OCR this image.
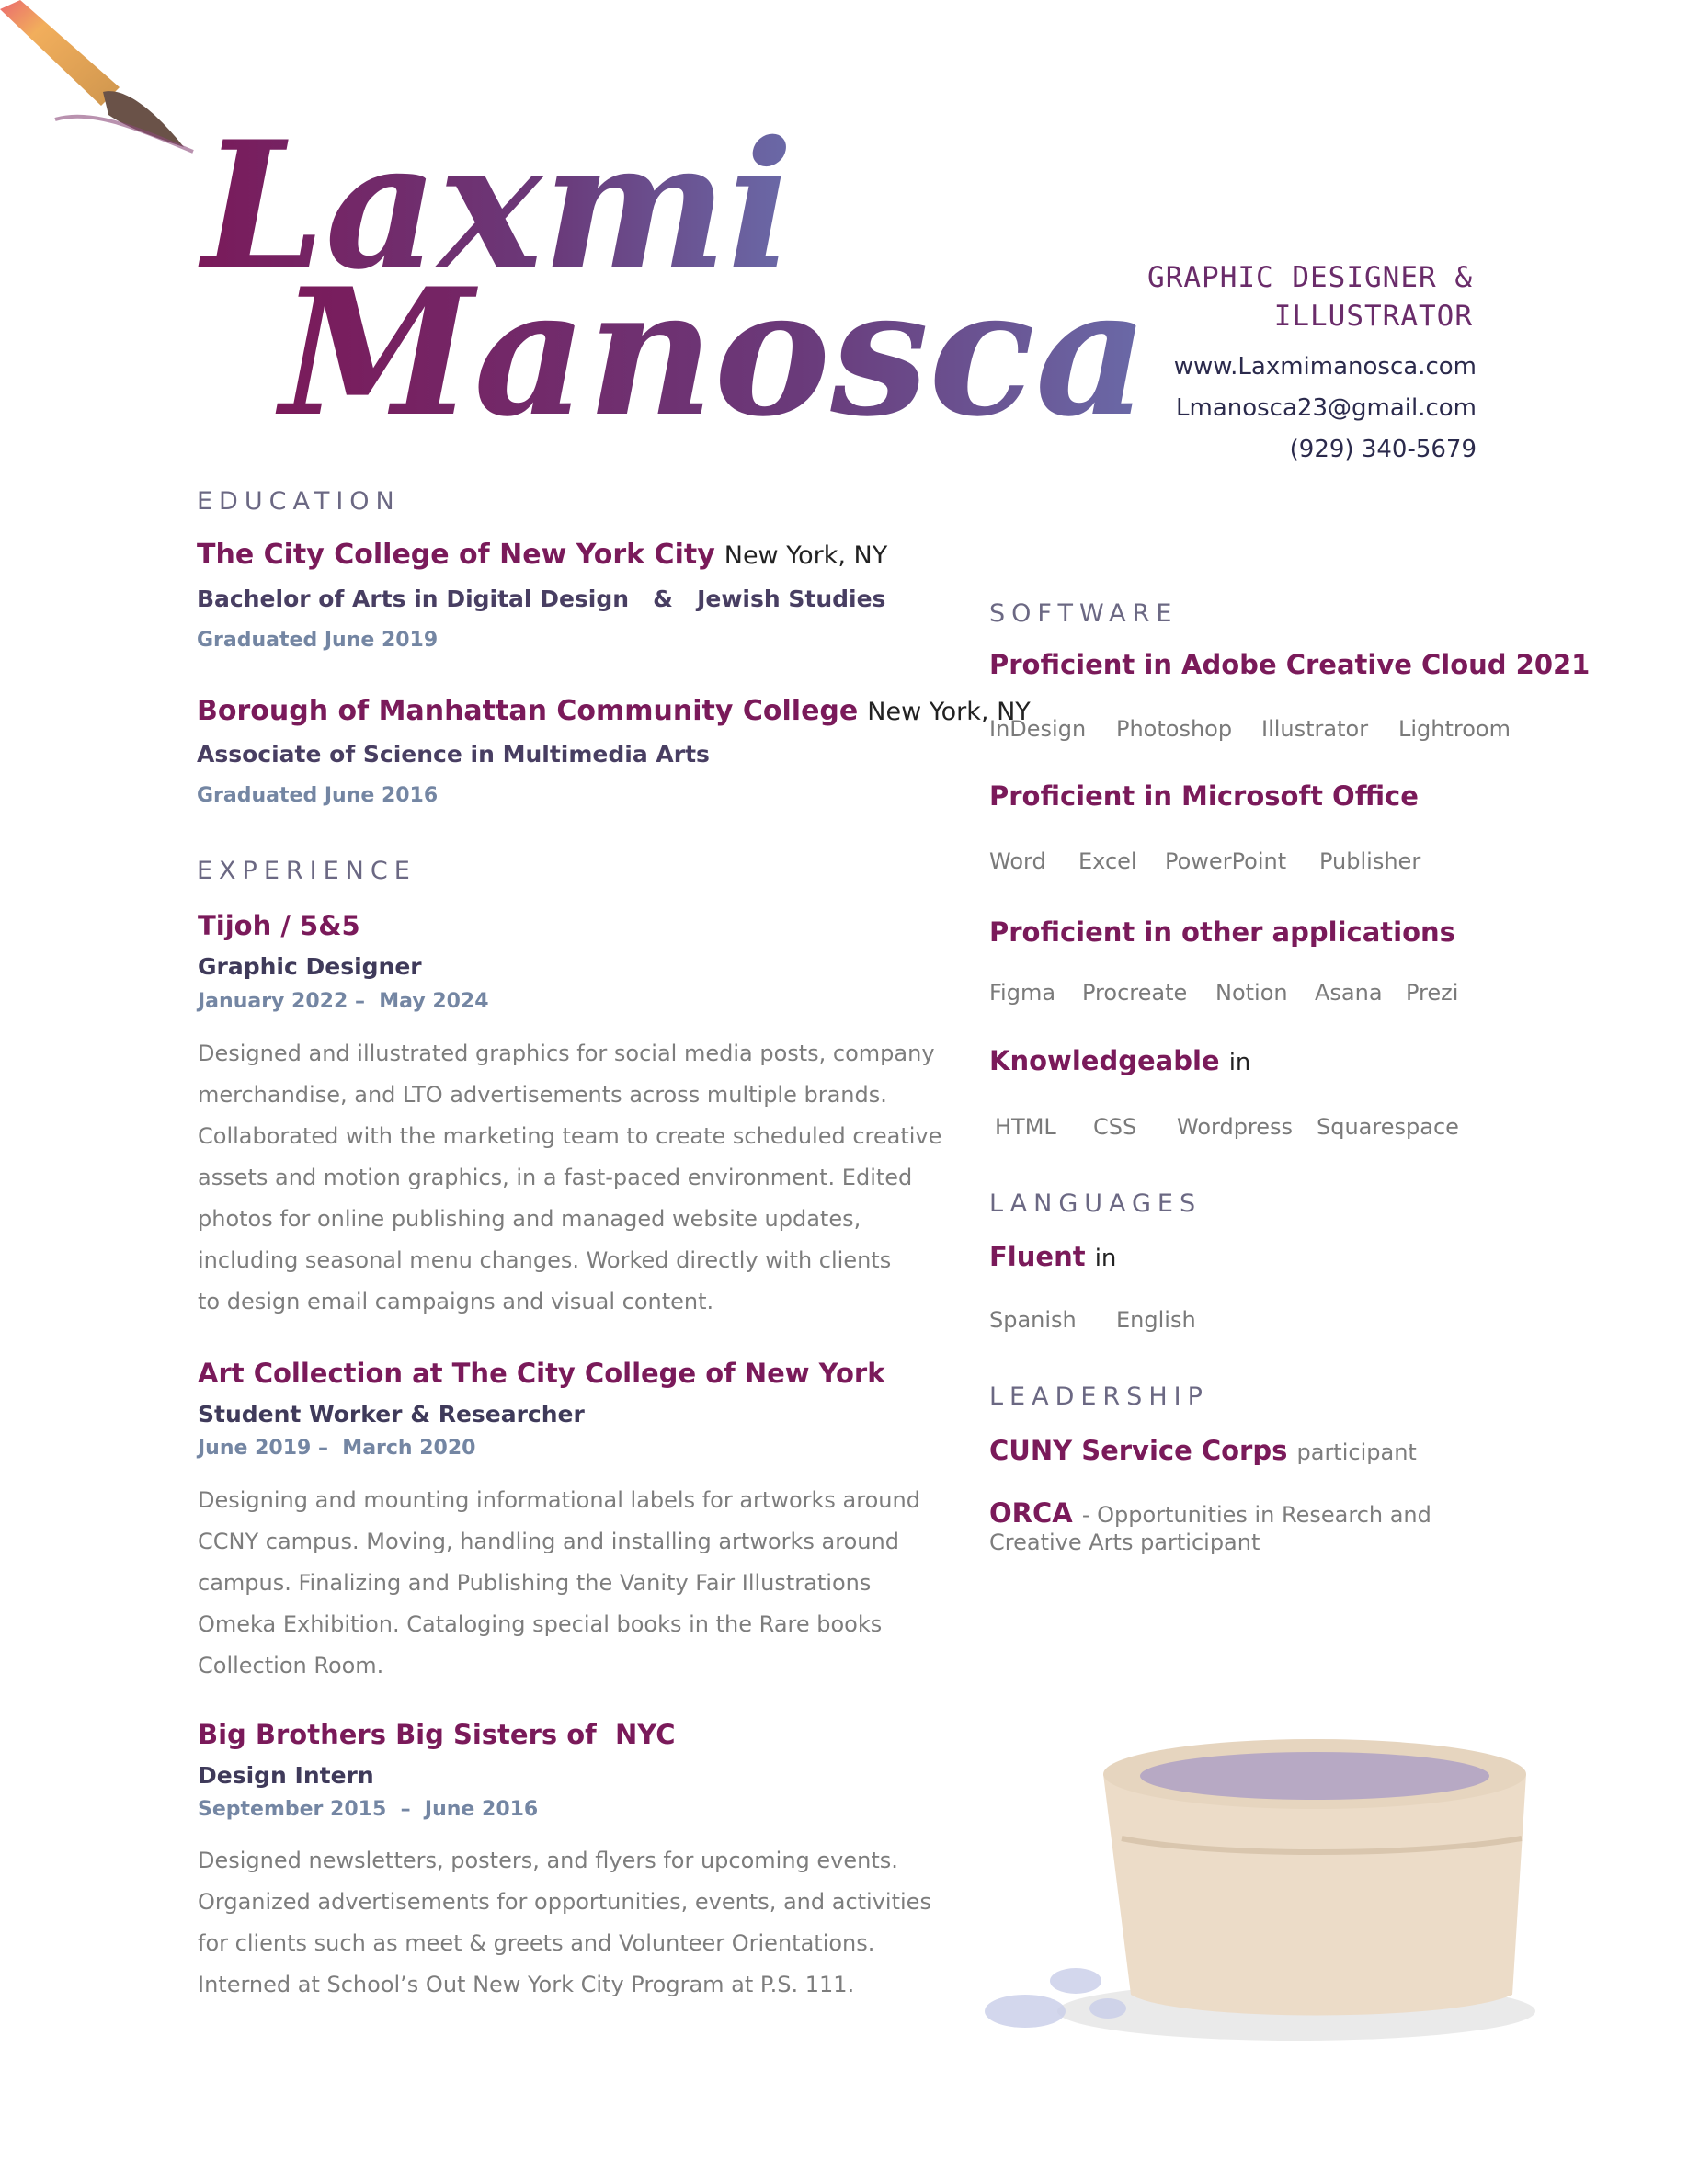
Laxmi
Manosca
GRAPHIC DESIGNER &
ILLUSTRATOR
www.Laxmimanosca.com
Lmanosca23@gmail.com
(929) 340-5679
EDUCATION
The City College of New York City New York, NY
Bachelor of Arts in Digital Design   &   Jewish Studies
Graduated June 2019
Borough of Manhattan Community College New York, NY
Associate of Science in Multimedia Arts
Graduated June 2016
EXPERIENCE
Tijoh / 5&5
Graphic Designer
January 2022 –  May 2024
Designed and illustrated graphics for social media posts, company
merchandise, and LTO advertisements across multiple brands.
Collaborated with the marketing team to create scheduled creative
assets and motion graphics, in a fast-paced environment. Edited
photos for online publishing and managed website updates,
including seasonal menu changes. Worked directly with clients
to design email campaigns and visual content.
Art Collection at The City College of New York
Student Worker & Researcher
June 2019 –  March 2020
Designing and mounting informational labels for artworks around
CCNY campus. Moving, handling and installing artworks around
campus. Finalizing and Publishing the Vanity Fair Illustrations
Omeka Exhibition. Cataloging special books in the Rare books
Collection Room.
Big Brothers Big Sisters of  NYC
Design Intern
September 2015  –  June 2016
Designed newsletters, posters, and flyers for upcoming events.
Organized advertisements for opportunities, events, and activities
for clients such as meet & greets and Volunteer Orientations.
Interned at School’s Out New York City Program at P.S. 111.
SOFTWARE
Proficient in Adobe Creative Cloud 2021
InDesign Photoshop Illustrator Lightroom
Proficient in Microsoft Office
Word Excel PowerPoint Publisher
Proficient in other applications
Figma Procreate Notion Asana Prezi
Knowledgeable in
HTML CSS Wordpress Squarespace
LANGUAGES
Fluent in
Spanish English
LEADERSHIP
CUNY Service Corps participant
ORCA - Opportunities in Research and
Creative Arts participant
